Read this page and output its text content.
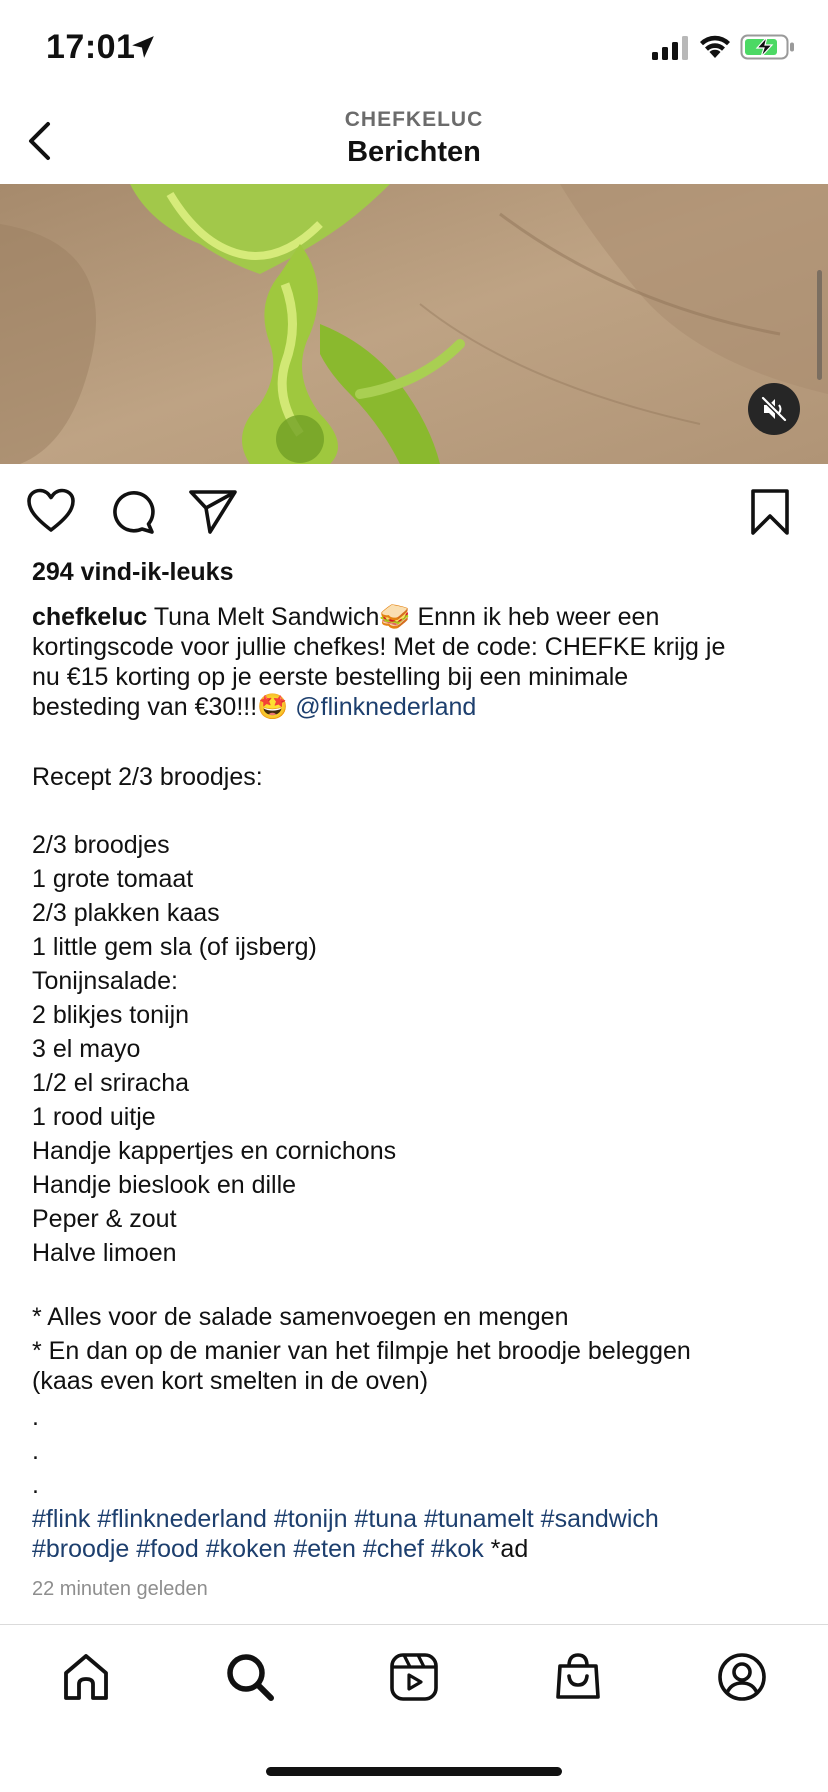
17:01
CHEFKELUC
Berichten
294 vind-ik-leuks
chefkeluc Tuna Melt Sandwich🥪 Ennn ik heb weer een
kortingscode voor jullie chefkes! Met de code: CHEFKE krijg je
nu €15 korting op je eerste bestelling bij een minimale
besteding van €30!!!🤩 @flinknederland
Recept 2/3 broodjes:
2/3 broodjes
1 grote tomaat
2/3 plakken kaas
1 little gem sla (of ijsberg)
Tonijnsalade:
2 blikjes tonijn
3 el mayo
1/2 el sriracha
1 rood uitje
Handje kappertjes en cornichons
Handje bieslook en dille
Peper & zout
Halve limoen
* Alles voor de salade samenvoegen en mengen
* En dan op de manier van het filmpje het broodje beleggen
(kaas even kort smelten in de oven)
.
.
.
#flink #flinknederland #tonijn #tuna #tunamelt #sandwich
#broodje #food #koken #eten #chef #kok *ad
22 minuten geleden
